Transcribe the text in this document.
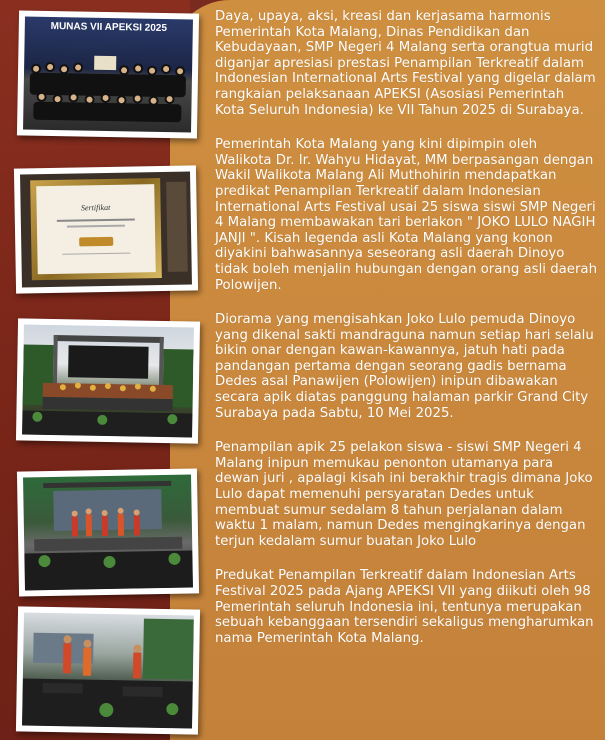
MUNAS VII APEKSI 2025
Sertifikat

Daya, upaya, aksi, kreasi dan kerjasama harmonis Pemerintah Kota Malang, Dinas Pendidikan dan Kebudayaan, SMP Negeri 4 Malang serta orangtua murid diganjar apresiasi prestasi Penampilan Terkreatif dalam Indonesian International Arts Festival yang digelar dalam rangkaian pelaksanaan APEKSI (Asosiasi Pemerintah Kota Seluruh Indonesia) ke VII Tahun 2025 di Surabaya.

Pemerintah Kota Malang yang kini dipimpin oleh Walikota Dr. Ir. Wahyu Hidayat, MM berpasangan dengan Wakil Walikota Malang Ali Muthohirin mendapatkan predikat Penampilan Terkreatif dalam Indonesian International Arts Festival usai 25 siswa siswi SMP Negeri 4 Malang membawakan tari berlakon " JOKO LULO NAGIH JANJI ". Kisah legenda asli Kota Malang yang konon diyakini bahwasannya seseorang asli daerah Dinoyo tidak boleh menjalin hubungan dengan orang asli daerah Polowijen.

Diorama yang mengisahkan Joko Lulo pemuda Dinoyo yang dikenal sakti mandraguna namun setiap hari selalu bikin onar dengan kawan-kawannya, jatuh hati pada pandangan pertama dengan seorang gadis bernama Dedes asal Panawijen (Polowijen) inipun dibawakan secara apik diatas panggung halaman parkir Grand City Surabaya pada Sabtu, 10 Mei 2025.

Penampilan apik 25 pelakon siswa - siswi SMP Negeri 4 Malang inipun memukau penonton utamanya para dewan juri , apalagi kisah ini berakhir tragis dimana Joko Lulo dapat memenuhi persyaratan Dedes untuk membuat sumur sedalam 8 tahun perjalanan dalam waktu 1 malam, namun Dedes mengingkarinya dengan terjun kedalam sumur buatan Joko Lulo

Predukat Penampilan Terkreatif dalam Indonesian Arts Festival 2025 pada Ajang APEKSI VII yang diikuti oleh 98 Pemerintah seluruh Indonesia ini, tentunya merupakan sebuah kebanggaan tersendiri sekaligus mengharumkan nama Pemerintah Kota Malang.
